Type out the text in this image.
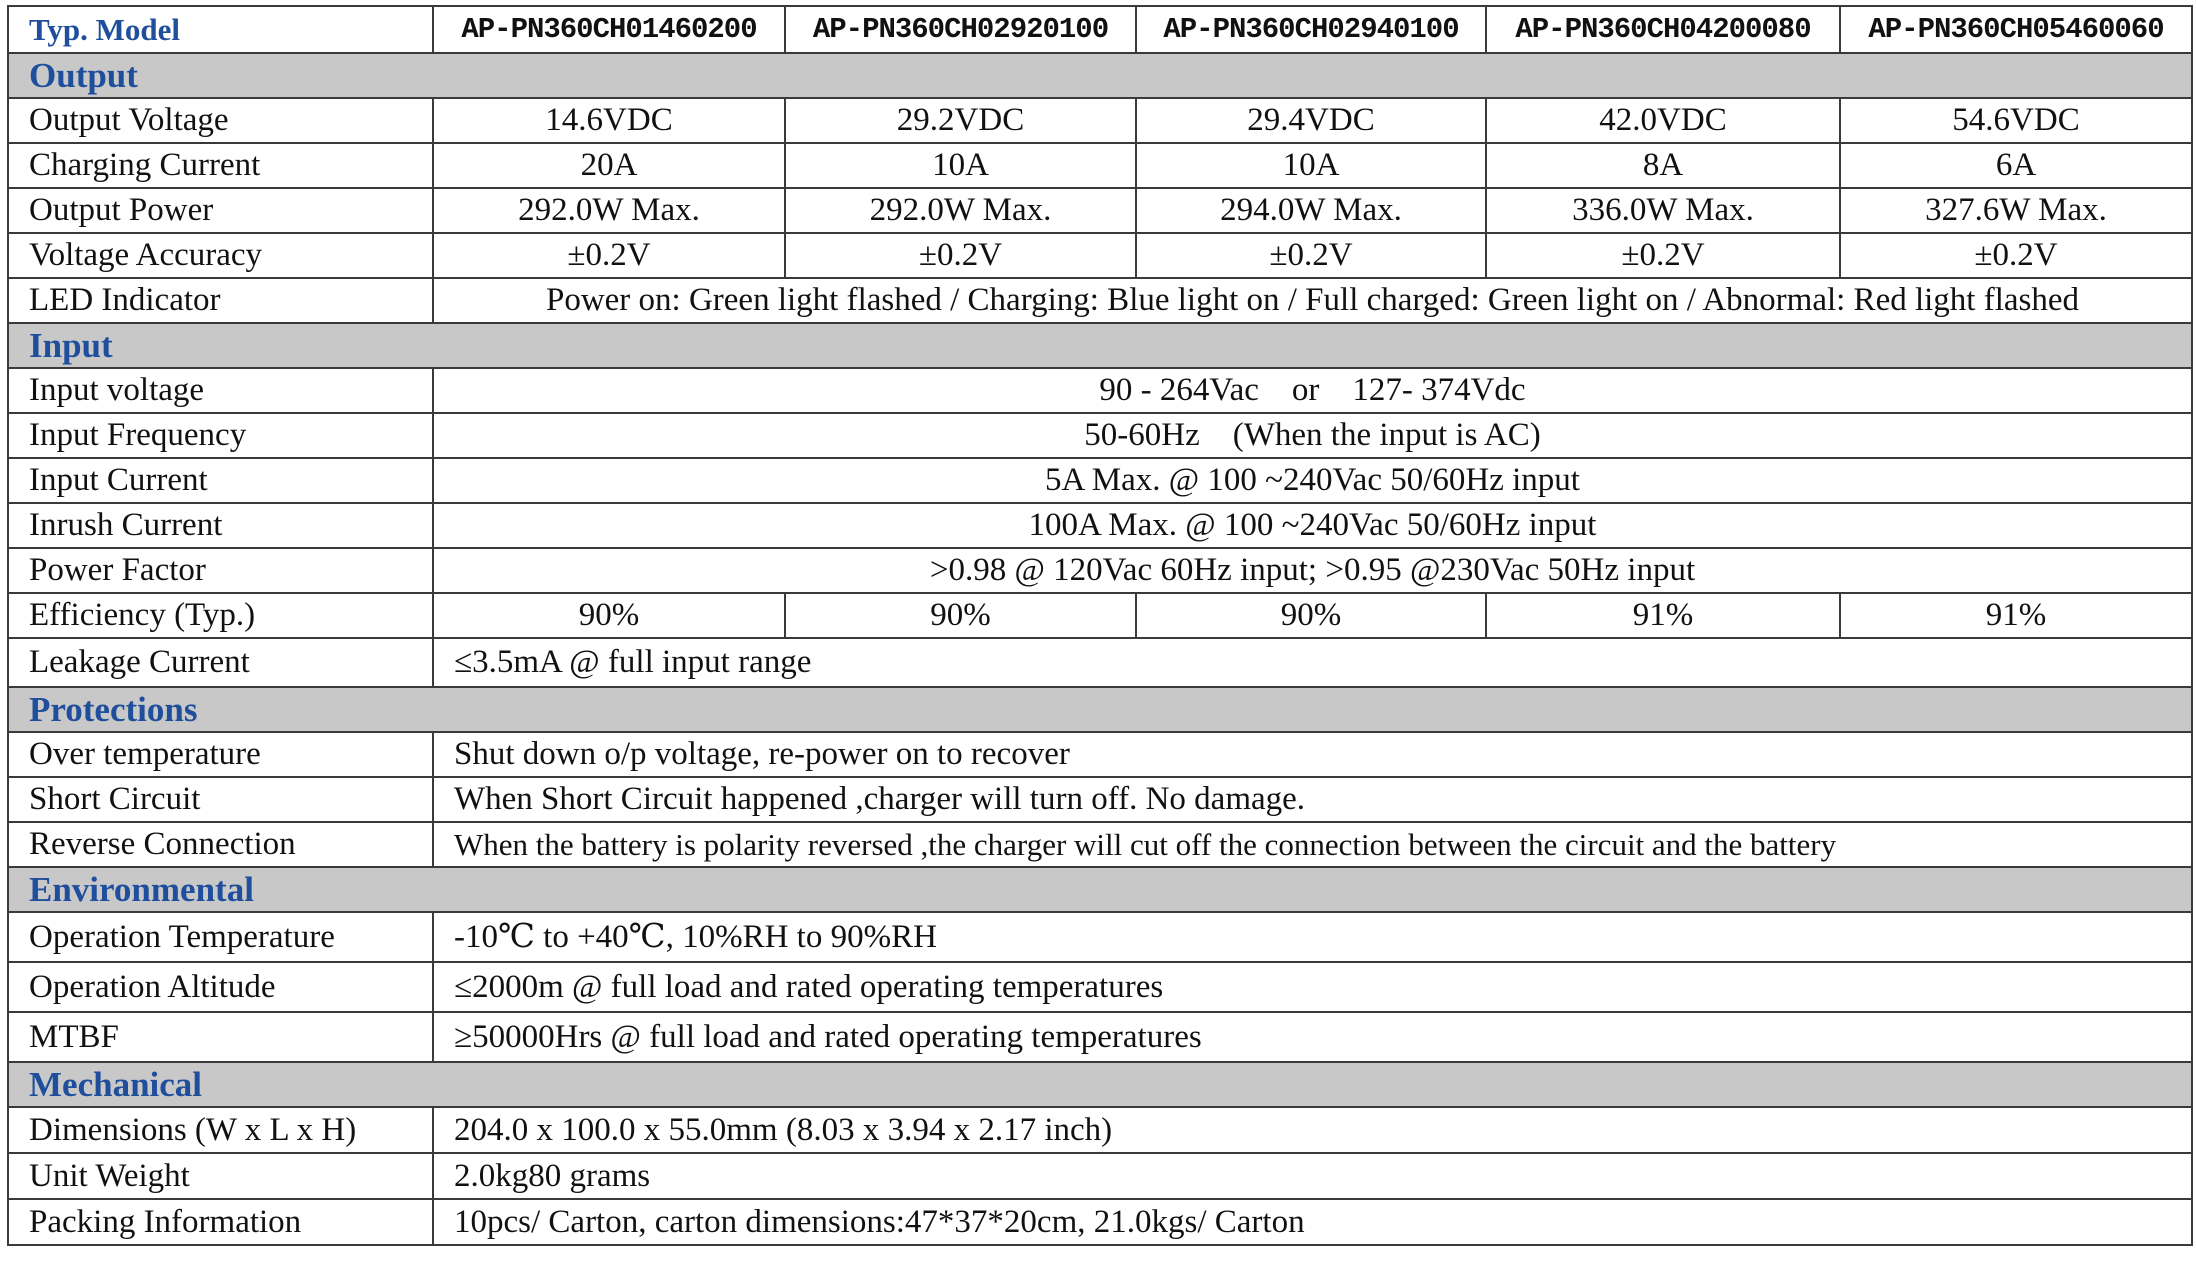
Typ. Model	AP-PN360CH01460200	AP-PN360CH02920100	AP-PN360CH02940100	AP-PN360CH04200080	AP-PN360CH05460060
Output					
Output Voltage	14.6VDC	29.2VDC	29.4VDC	42.0VDC	54.6VDC
Charging Current	20A	10A	10A	8A	6A
Output Power	292.0W Max.	292.0W Max.	294.0W Max.	336.0W Max.	327.6W Max.
Voltage Accuracy	±0.2V	±0.2V	±0.2V	±0.2V	±0.2V
LED Indicator	Power on: Green light flashed / Charging: Blue light on / Full charged: Green light on / Abnormal: Red light flashed				
Input					
Input voltage	90 - 264Vac    or    127- 374Vdc				
Input Frequency	50-60Hz    (When the input is AC)				
Input Current	5A Max. @ 100 ~240Vac 50/60Hz input				
Inrush Current	100A Max. @ 100 ~240Vac 50/60Hz input				
Power Factor	>0.98 @ 120Vac 60Hz input; >0.95 @230Vac 50Hz input				
Efficiency (Typ.)	90%	90%	90%	91%	91%
Leakage Current	≤3.5mA @ full input range				
Protections					
Over temperature	Shut down o/p voltage, re-power on to recover				
Short Circuit	When Short Circuit happened ,charger will turn off. No damage.				
Reverse Connection	When the battery is polarity reversed ,the charger will cut off the connection between the circuit and the battery				
Environmental					
Operation Temperature	-10℃ to +40℃, 10%RH to 90%RH				
Operation Altitude	≤2000m @ full load and rated operating temperatures				
MTBF	≥50000Hrs @ full load and rated operating temperatures				
Mechanical					
Dimensions (W x L x H)	204.0 x 100.0 x 55.0mm (8.03 x 3.94 x 2.17 inch)				
Unit Weight	2.0kg80 grams				
Packing Information	10pcs/ Carton, carton dimensions:47*37*20cm, 21.0kgs/ Carton				
